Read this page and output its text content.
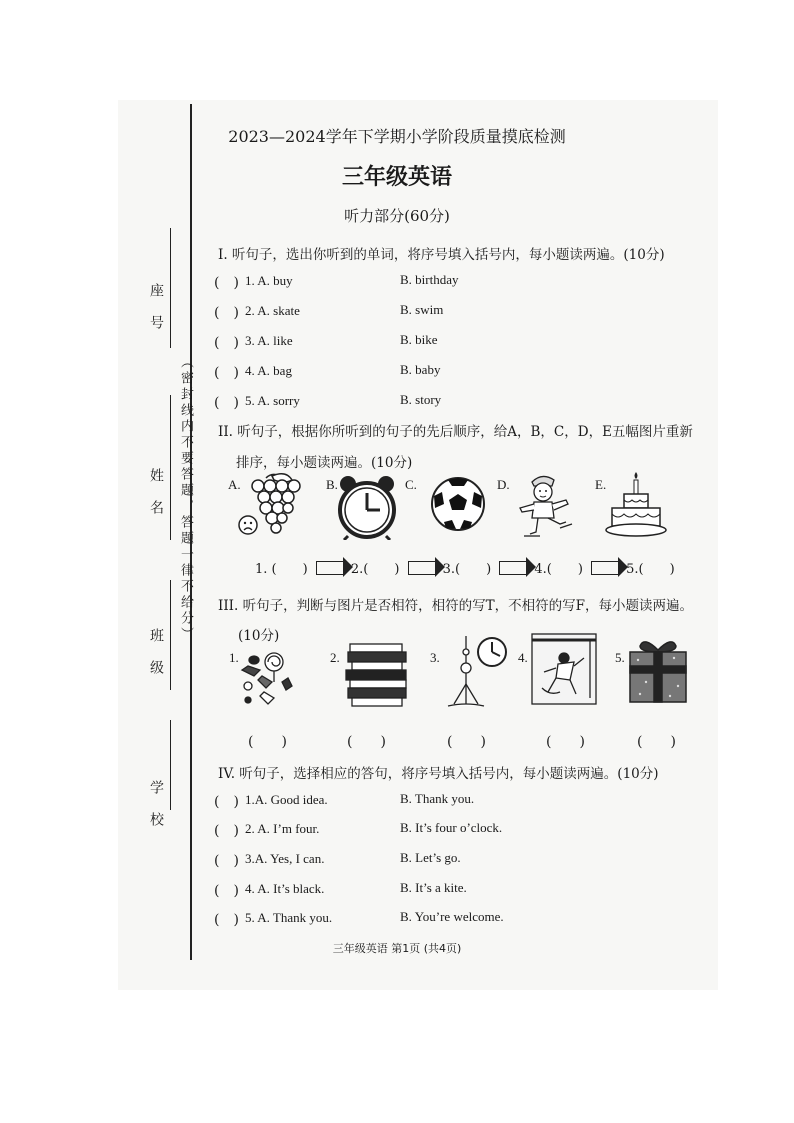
座　号
姓　名
班　级
学　校
（密封线内不要答题，答题一律不给分）
2023—2024学年下学期小学阶段质量摸底检测
三年级英语
听力部分(60分)
Ⅰ. 听句子，选出你听到的单词，将序号填入括号内，每小题读两遍。(10分)
(　) 1. A. buy	B. birthday
(　) 2. A. skate	B. swim
(　) 3. A. like	B. bike
(　) 4. A. bag	B. baby
(　) 5. A. sorry	B. story
II. 听句子，根据你所听到的句子的先后顺序，给A，B，C，D，E五幅图片重新
排序，每小题读两遍。(10分)
A.	B.	C.	D.	E.
1. (　　)	2.(　　)	3.(　　)	4.(　　)	5.(　　)
III. 听句子，判断与图片是否相符，相符的写T，不相符的写F，每小题读两遍。
(10分)
1.	2.	3.	4.	5.
(　　)	(　　)	(　　)	(　　)	(　　)
IV. 听句子，选择相应的答句，将序号填入括号内，每小题读两遍。(10分)
(　) 1.A. Good idea.	B. Thank you.
(　) 2. A. I’m four.	B. It’s four o’clock.
(　) 3.A. Yes, I can.	B. Let’s go.
(　) 4. A. It’s black.	B. It’s a kite.
(　) 5. A. Thank you.	B. You’re welcome.
三年级英语 第1页 (共4页)
